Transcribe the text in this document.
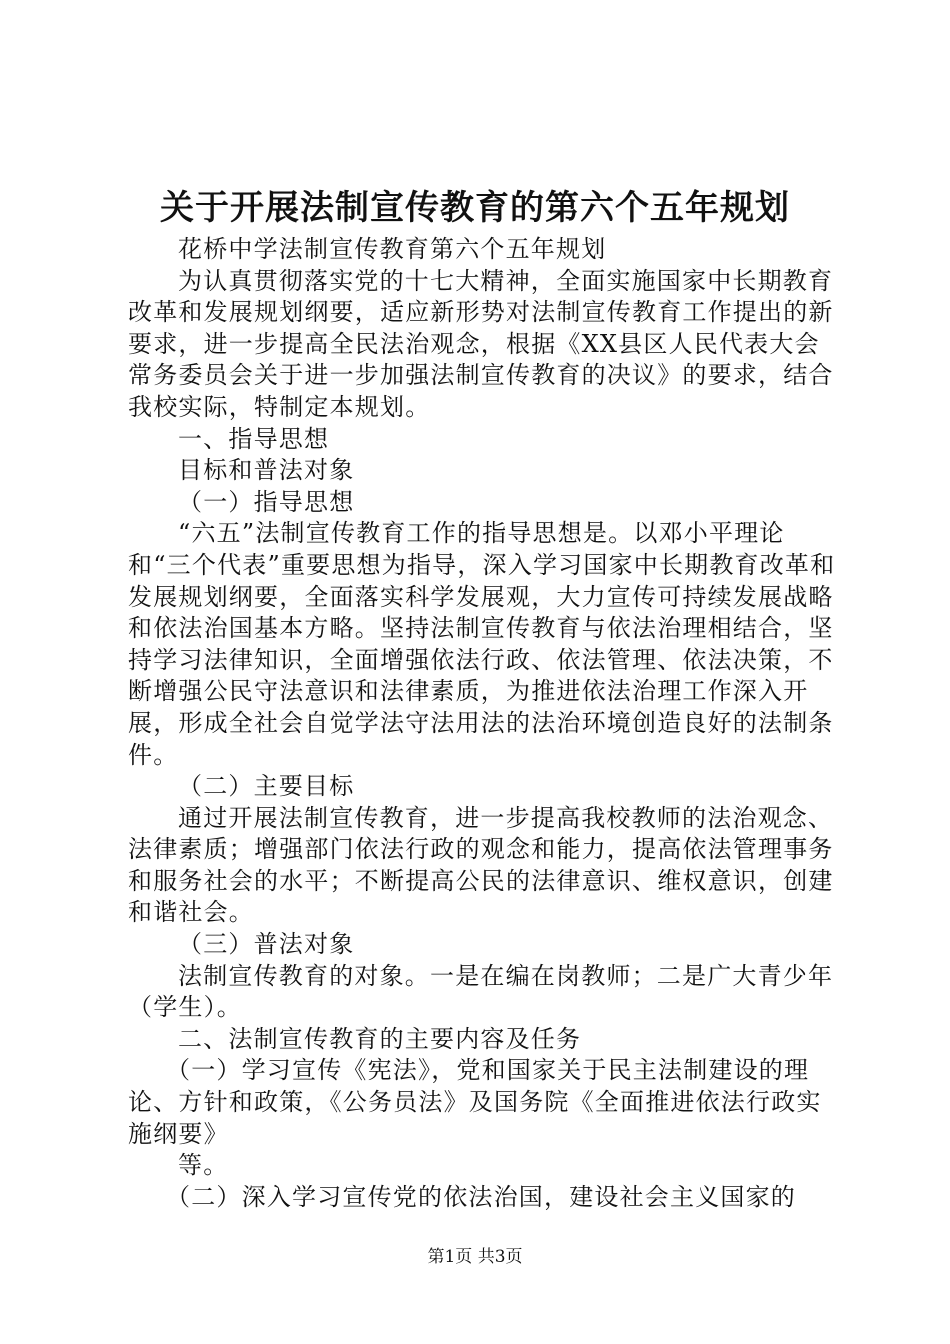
关于开展法制宣传教育的第六个五年规划

花桥中学法制宣传教育第六个五年规划

为认真贯彻落实党的十七大精神，全面实施国家中长期教育改革和发展规划纲要，适应新形势对法制宣传教育工作提出的新要求，进一步提高全民法治观念，根据《XX县区人民代表大会常务委员会关于进一步加强法制宣传教育的决议》的要求，结合我校实际，特制定本规划。

一、指导思想

目标和普法对象

（一）指导思想

“六五”法制宣传教育工作的指导思想是。以邓小平理论和“三个代表”重要思想为指导，深入学习国家中长期教育改革和发展规划纲要，全面落实科学发展观，大力宣传可持续发展战略和依法治国基本方略。坚持法制宣传教育与依法治理相结合，坚持学习法律知识，全面增强依法行政、依法管理、依法决策，不断增强公民守法意识和法律素质，为推进依法治理工作深入开展，形成全社会自觉学法守法用法的法治环境创造良好的法制条件。

（二）主要目标

通过开展法制宣传教育，进一步提高我校教师的法治观念、法律素质；增强部门依法行政的观念和能力，提高依法管理事务和服务社会的水平；不断提高公民的法律意识、维权意识，创建和谐社会。

（三）普法对象

法制宣传教育的对象。一是在编在岗教师；二是广大青少年（学生）。

二、法制宣传教育的主要内容及任务

（一）学习宣传《宪法》，党和国家关于民主法制建设的理论、方针和政策，《公务员法》及国务院《全面推进依法行政实施纲要》

等。

（二）深入学习宣传党的依法治国，建设社会主义国家的

第1页 共3页
